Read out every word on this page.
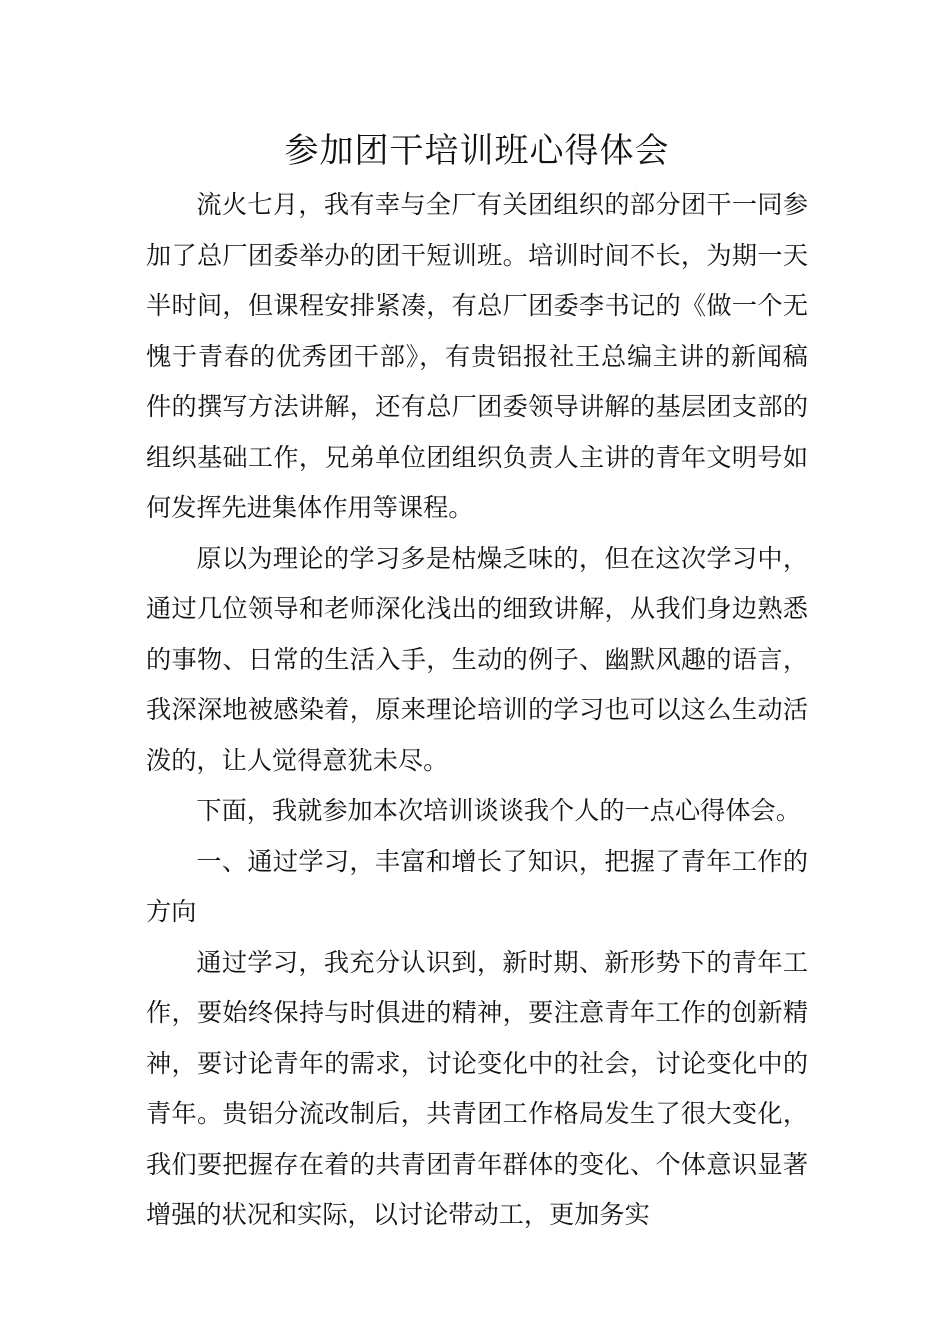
参加团干培训班心得体会

流火七月，我有幸与全厂有关团组织的部分团干一同参加了总厂团委举办的团干短训班。培训时间不长，为期一天半时间，但课程安排紧凑，有总厂团委李书记的《做一个无愧于青春的优秀团干部》，有贵铝报社王总编主讲的新闻稿件的撰写方法讲解，还有总厂团委领导讲解的基层团支部的组织基础工作，兄弟单位团组织负责人主讲的青年文明号如何发挥先进集体作用等课程。

原以为理论的学习多是枯燥乏味的，但在这次学习中，通过几位领导和老师深化浅出的细致讲解，从我们身边熟悉的事物、日常的生活入手，生动的例子、幽默风趣的语言，我深深地被感染着，原来理论培训的学习也可以这么生动活泼的，让人觉得意犹未尽。

下面，我就参加本次培训谈谈我个人的一点心得体会。

一、通过学习，丰富和增长了知识，把握了青年工作的方向

通过学习，我充分认识到，新时期、新形势下的青年工作，要始终保持与时俱进的精神，要注意青年工作的创新精神，要讨论青年的需求，讨论变化中的社会，讨论变化中的青年。贵铝分流改制后，共青团工作格局发生了很大变化，我们要把握存在着的共青团青年群体的变化、个体意识显著增强的状况和实际，以讨论带动工，更加务实
